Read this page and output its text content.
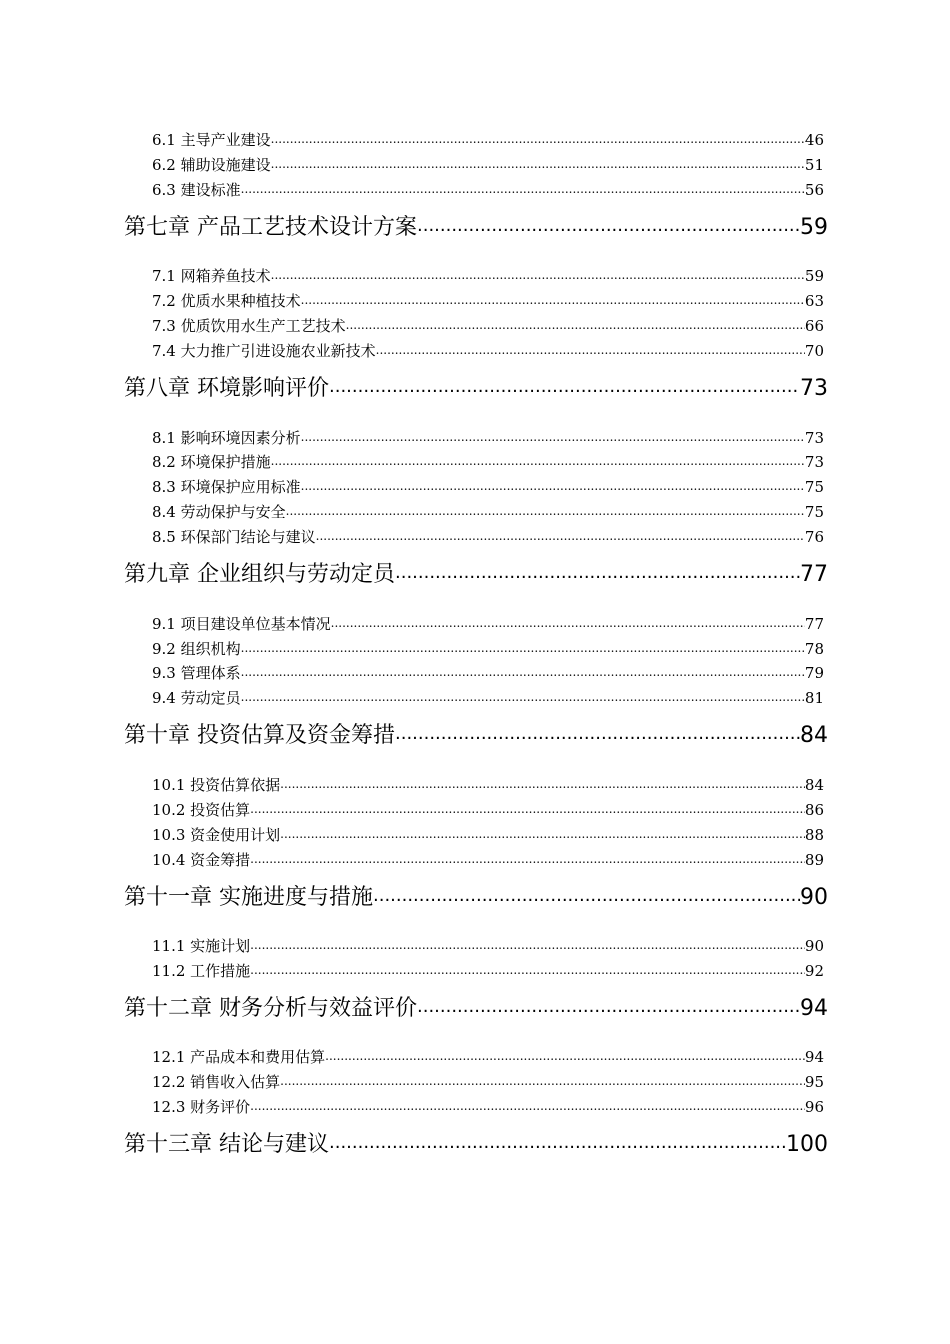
6.1 主导产业建设 .....	46
6.2 辅助设施建设 .....	51
6.3 建设标准 .....	56
第七章 产品工艺技术设计方案 .....	59
7.1 网箱养鱼技术 .....	59
7.2 优质水果种植技术 .....	63
7.3 优质饮用水生产工艺技术 .....	66
7.4 大力推广引进设施农业新技术 .....	70
第八章 环境影响评价 .....	73
8.1 影响环境因素分析 .....	73
8.2 环境保护措施 .....	73
8.3 环境保护应用标准 .....	75
8.4 劳动保护与安全 .....	75
8.5 环保部门结论与建议 .....	76
第九章 企业组织与劳动定员 .....	77
9.1 项目建设单位基本情况 .....	77
9.2 组织机构 .....	78
9.3 管理体系 .....	79
9.4 劳动定员 .....	81
第十章 投资估算及资金筹措 .....	84
10.1 投资估算依据 .....	84
10.2 投资估算 .....	86
10.3 资金使用计划 .....	88
10.4 资金筹措 .....	89
第十一章 实施进度与措施 .....	90
11.1 实施计划 .....	90
11.2 工作措施 .....	92
第十二章 财务分析与效益评价 .....	94
12.1 产品成本和费用估算 .....	94
12.2 销售收入估算 .....	95
12.3 财务评价 .....	96
第十三章 结论与建议 .....	100
